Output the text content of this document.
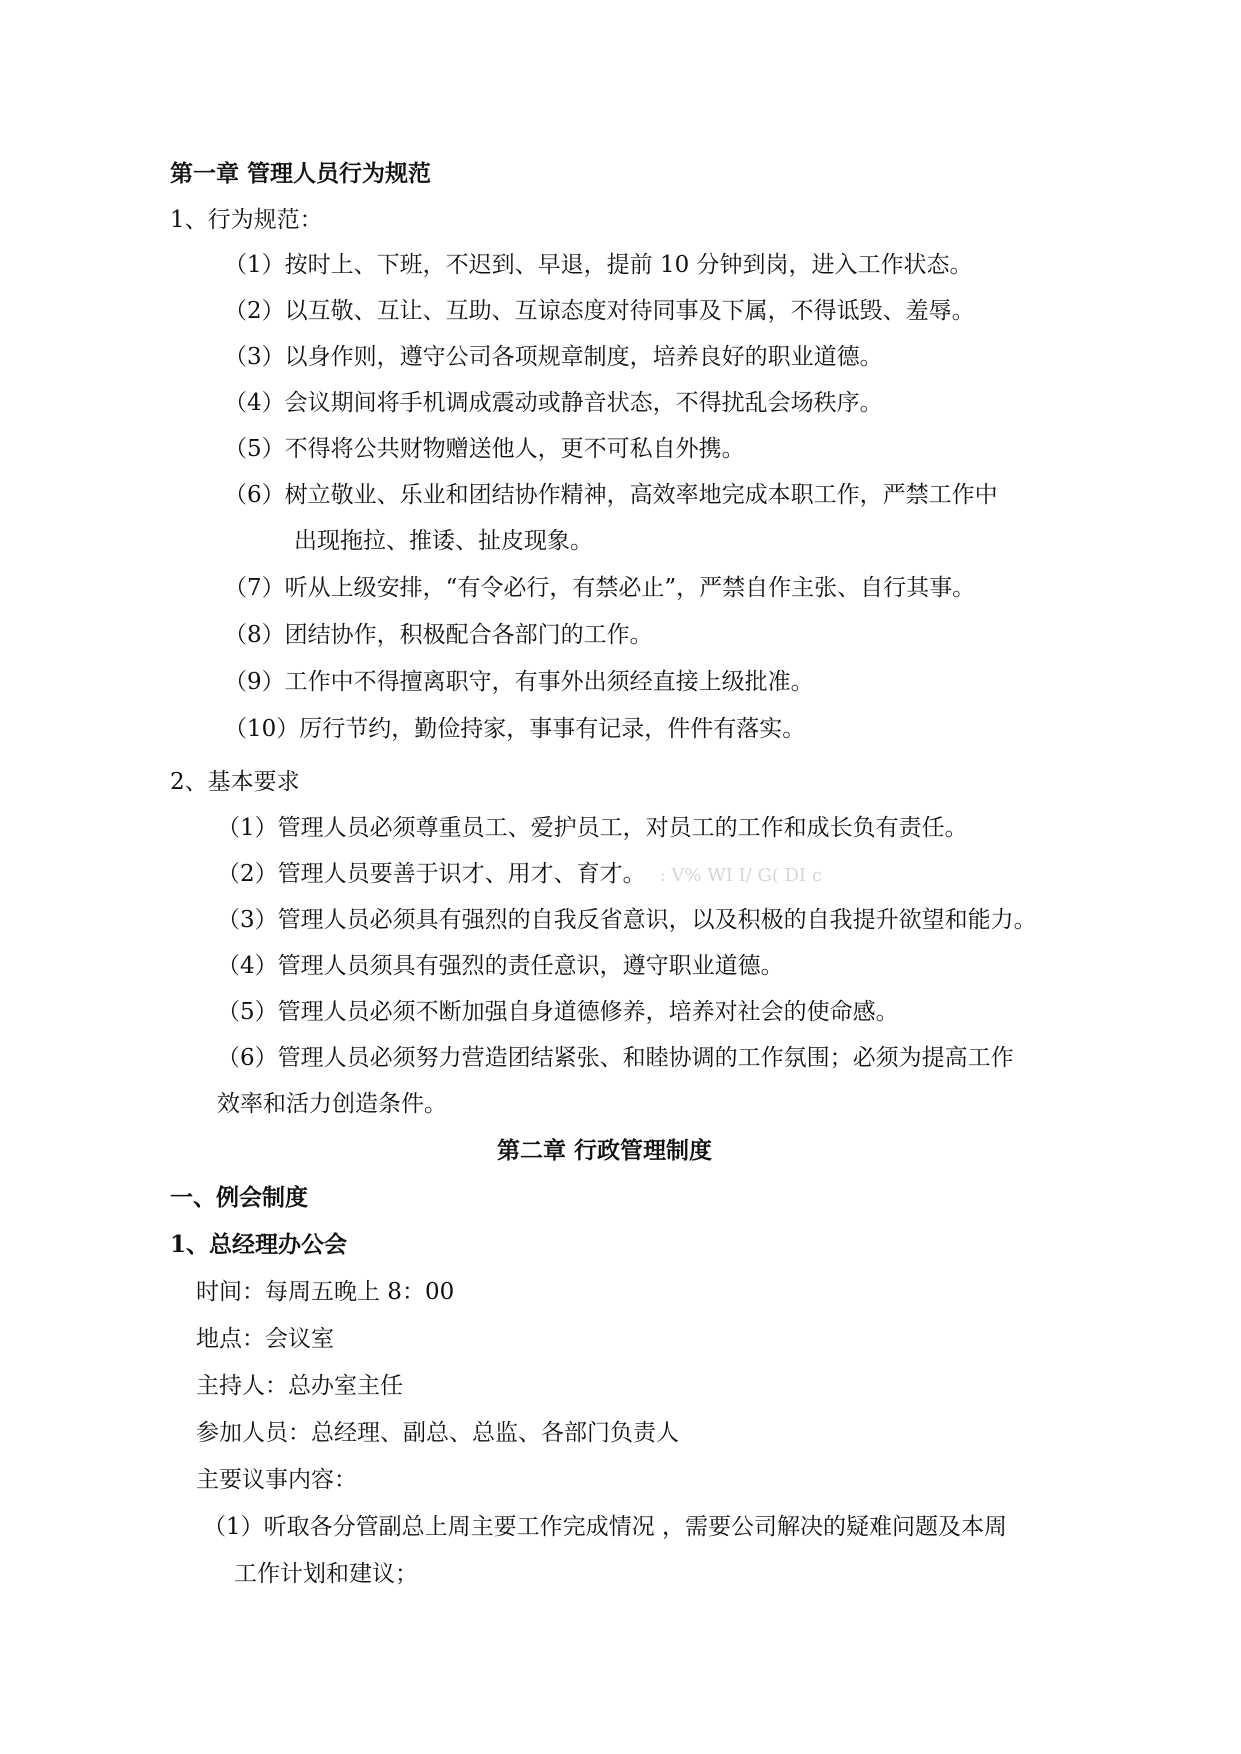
第一章 管理人员行为规范
1、行为规范：
（1）按时上、下班，不迟到、早退，提前 10 分钟到岗，进入工作状态。
（2）以互敬、互让、互助、互谅态度对待同事及下属，不得诋毁、羞辱。
（3）以身作则，遵守公司各项规章制度，培养良好的职业道德。
（4）会议期间将手机调成震动或静音状态，不得扰乱会场秩序。
（5）不得将公共财物赠送他人，更不可私自外携。
（6）树立敬业、乐业和团结协作精神，高效率地完成本职工作，严禁工作中
出现拖拉、推诿、扯皮现象。
（7）听从上级安排，“有令必行，有禁必止”，严禁自作主张、自行其事。
（8）团结协作，积极配合各部门的工作。
（9）工作中不得擅离职守，有事外出须经直接上级批准。
（10）厉行节约，勤俭持家，事事有记录，件件有落实。
2、基本要求
（1）管理人员必须尊重员工、爱护员工，对员工的工作和成长负有责任。
（2）管理人员要善于识才、用才、育才。 : V% WI I/ G( DI c
（3）管理人员必须具有强烈的自我反省意识，以及积极的自我提升欲望和能力。
（4）管理人员须具有强烈的责任意识，遵守职业道德。
（5）管理人员必须不断加强自身道德修养，培养对社会的使命感。
（6）管理人员必须努力营造团结紧张、和睦协调的工作氛围；必须为提高工作
效率和活力创造条件。
第二章 行政管理制度
一、例会制度
1、总经理办公会
时间：每周五晚上 8：00
地点：会议室
主持人：总办室主任
参加人员：总经理、副总、总监、各部门负责人
主要议事内容：
（1）听取各分管副总上周主要工作完成情况 ，需要公司解决的疑难问题及本周
工作计划和建议；
